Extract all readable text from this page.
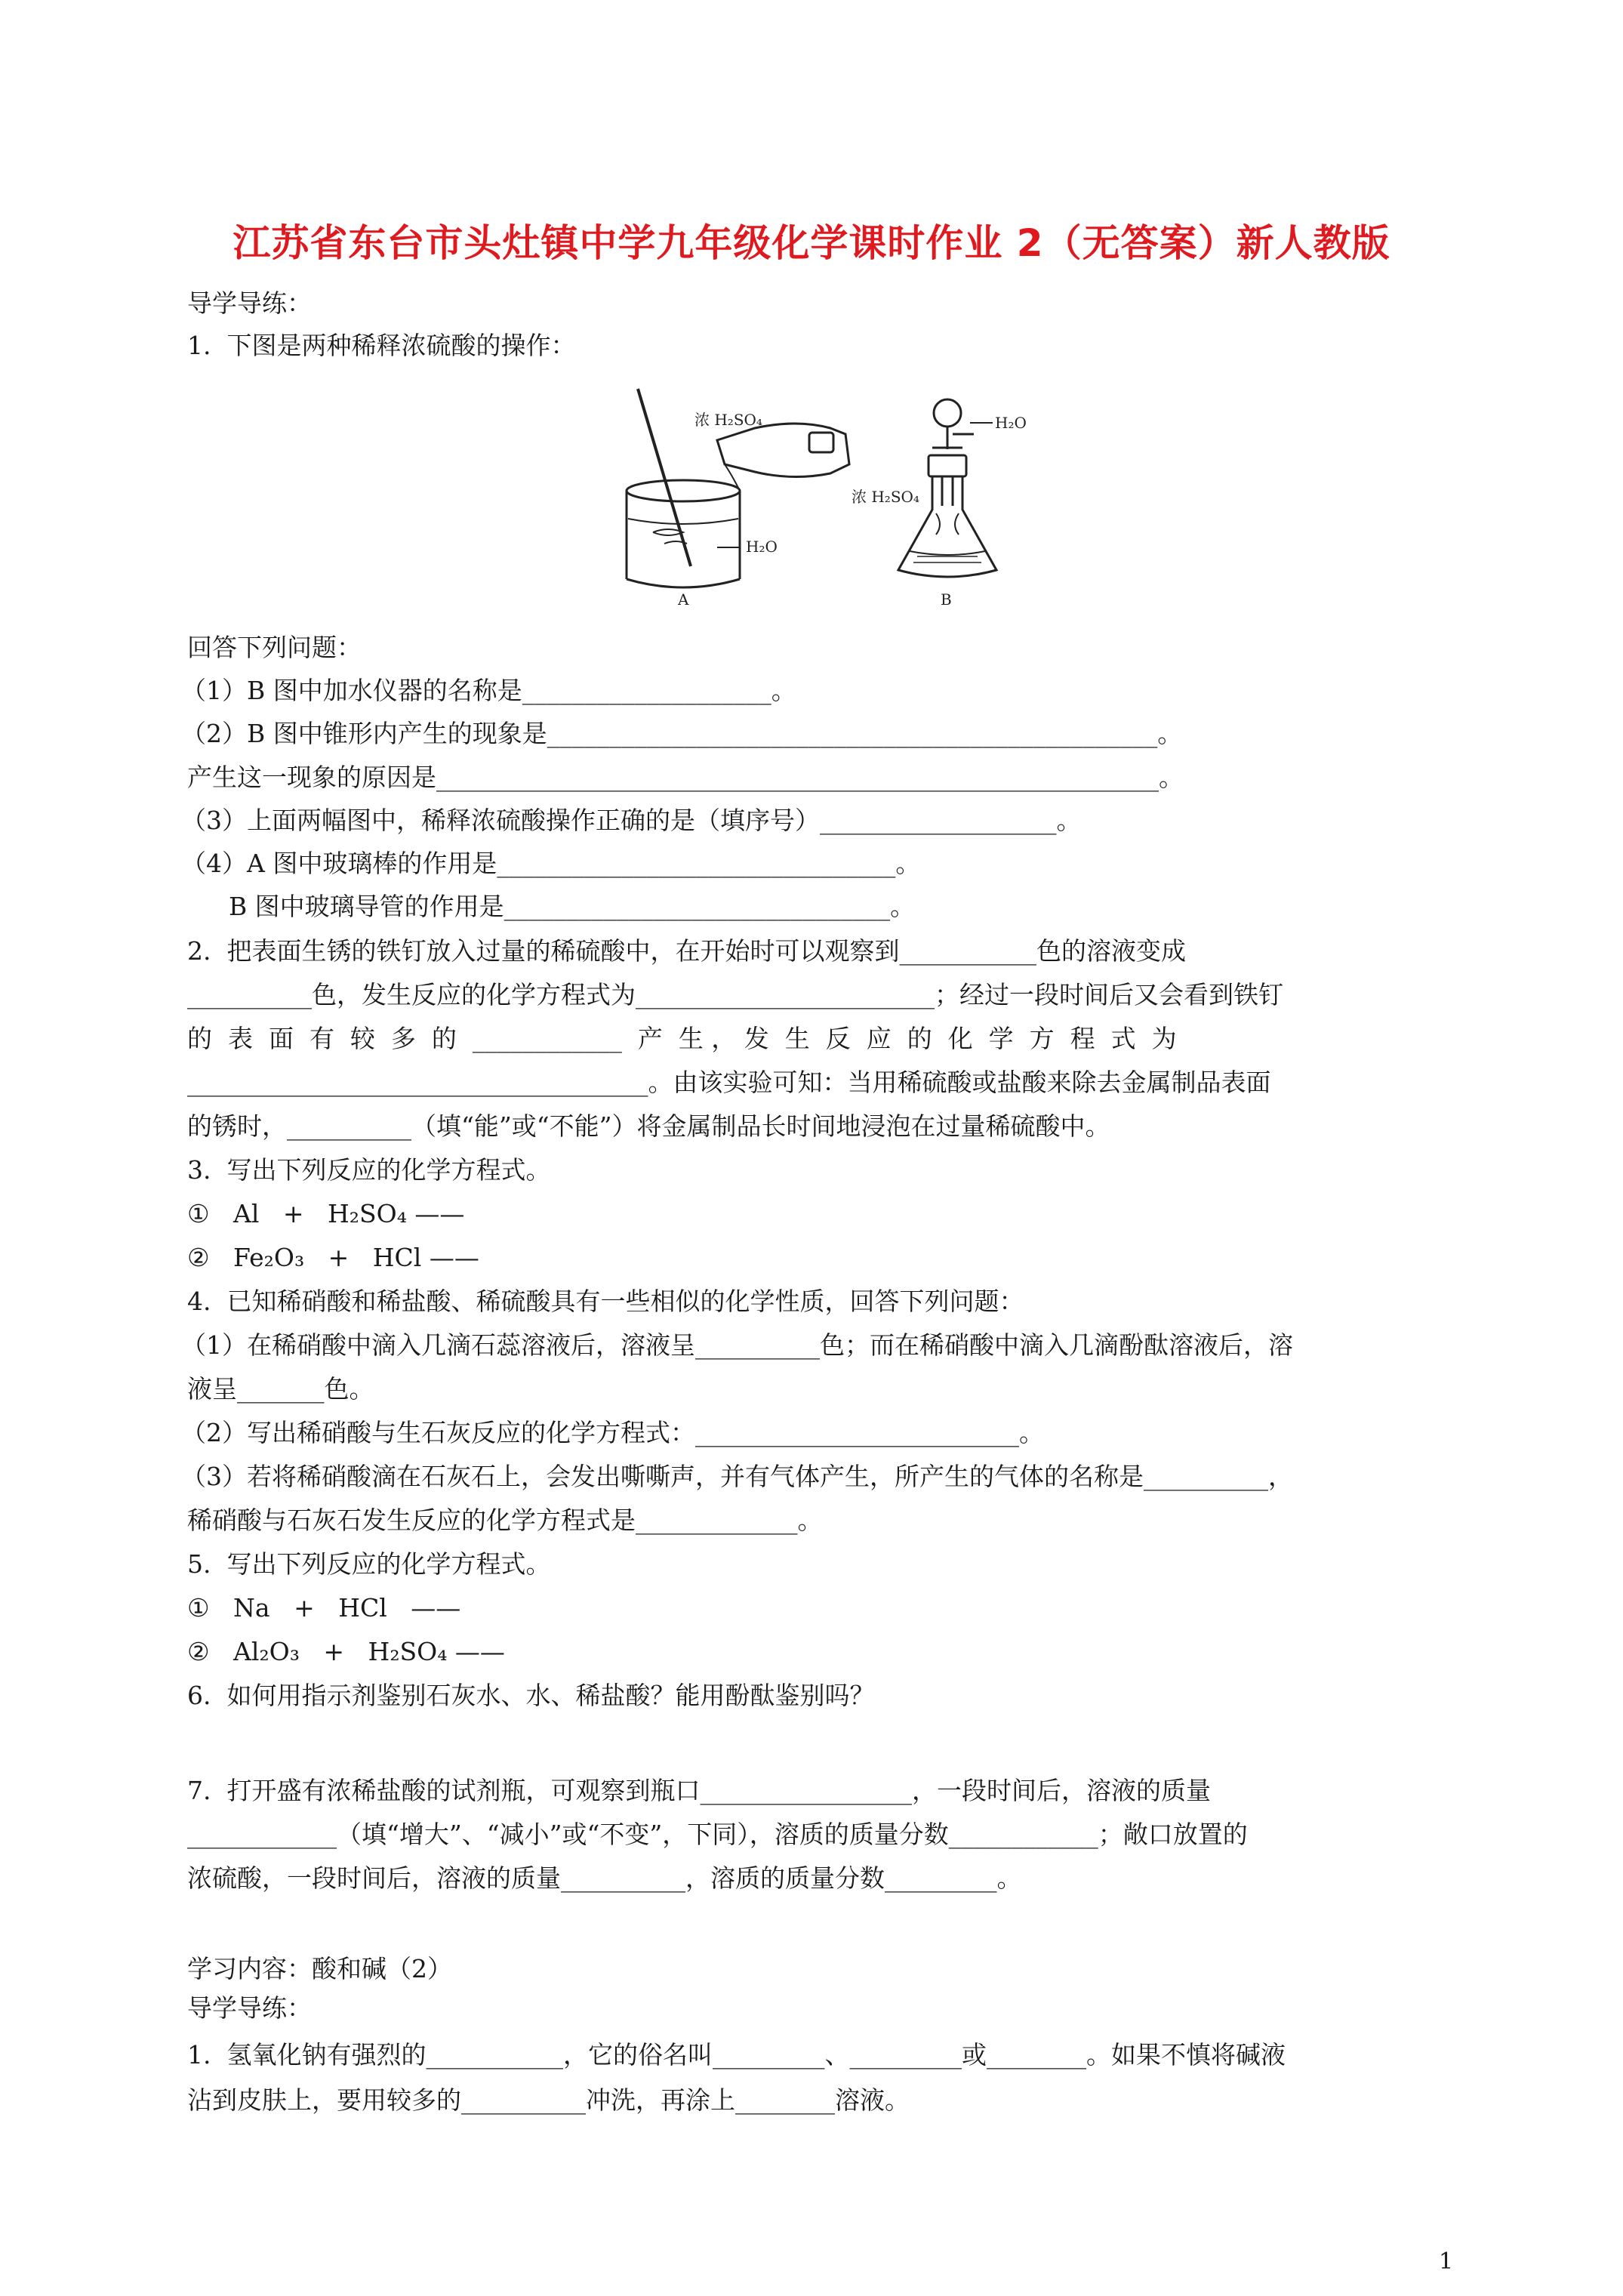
江苏省东台市头灶镇中学九年级化学课时作业 2（无答案）新人教版
导学导练：
1.  下图是两种稀释浓硫酸的操作：
浓 H₂SO₄
H₂O
A
H₂O
浓 H₂SO₄
B
回答下列问题：
（1）B 图中加水仪器的名称是____________________。
（2）B 图中锥形内产生的现象是_________________________________________________。
产生这一现象的原因是__________________________________________________________。
（3）上面两幅图中，稀释浓硫酸操作正确的是（填序号）___________________。
（4）A 图中玻璃棒的作用是________________________________。
B 图中玻璃导管的作用是_______________________________。
2.  把表面生锈的铁钉放入过量的稀硫酸中，在开始时可以观察到___________色的溶液变成
__________色，发生反应的化学方程式为________________________；经过一段时间后又会看到铁钉
的  表  面  有  较  多  的  ____________  产  生 ， 发  生  反  应  的  化  学  方  程  式  为
_____________________________________。由该实验可知：当用稀硫酸或盐酸来除去金属制品表面
的锈时，__________（填“能”或“不能”）将金属制品长时间地浸泡在过量稀硫酸中。
3.  写出下列反应的化学方程式。
①   Al   +   H₂SO₄ ——
②   Fe₂O₃   +   HCl ——
4.  已知稀硝酸和稀盐酸、稀硫酸具有一些相似的化学性质，回答下列问题：
（1）在稀硝酸中滴入几滴石蕊溶液后，溶液呈__________色；而在稀硝酸中滴入几滴酚酞溶液后，溶
液呈_______色。
（2）写出稀硝酸与生石灰反应的化学方程式：__________________________。
（3）若将稀硝酸滴在石灰石上，会发出嘶嘶声，并有气体产生，所产生的气体的名称是__________，
稀硝酸与石灰石发生反应的化学方程式是_____________。
5.  写出下列反应的化学方程式。
①   Na   +   HCl   ——
②   Al₂O₃   +   H₂SO₄ ——
6.  如何用指示剂鉴别石灰水、水、稀盐酸？能用酚酞鉴别吗？
7.  打开盛有浓稀盐酸的试剂瓶，可观察到瓶口_________________，一段时间后，溶液的质量
____________（填“增大”、“减小”或“不变”，下同），溶质的质量分数____________；敞口放置的
浓硫酸，一段时间后，溶液的质量__________，溶质的质量分数_________。
学习内容：酸和碱（2）
导学导练：
1.  氢氧化钠有强烈的___________，它的俗名叫_________、_________或________。如果不慎将碱液
沾到皮肤上，要用较多的__________冲洗，再涂上________溶液。
1
